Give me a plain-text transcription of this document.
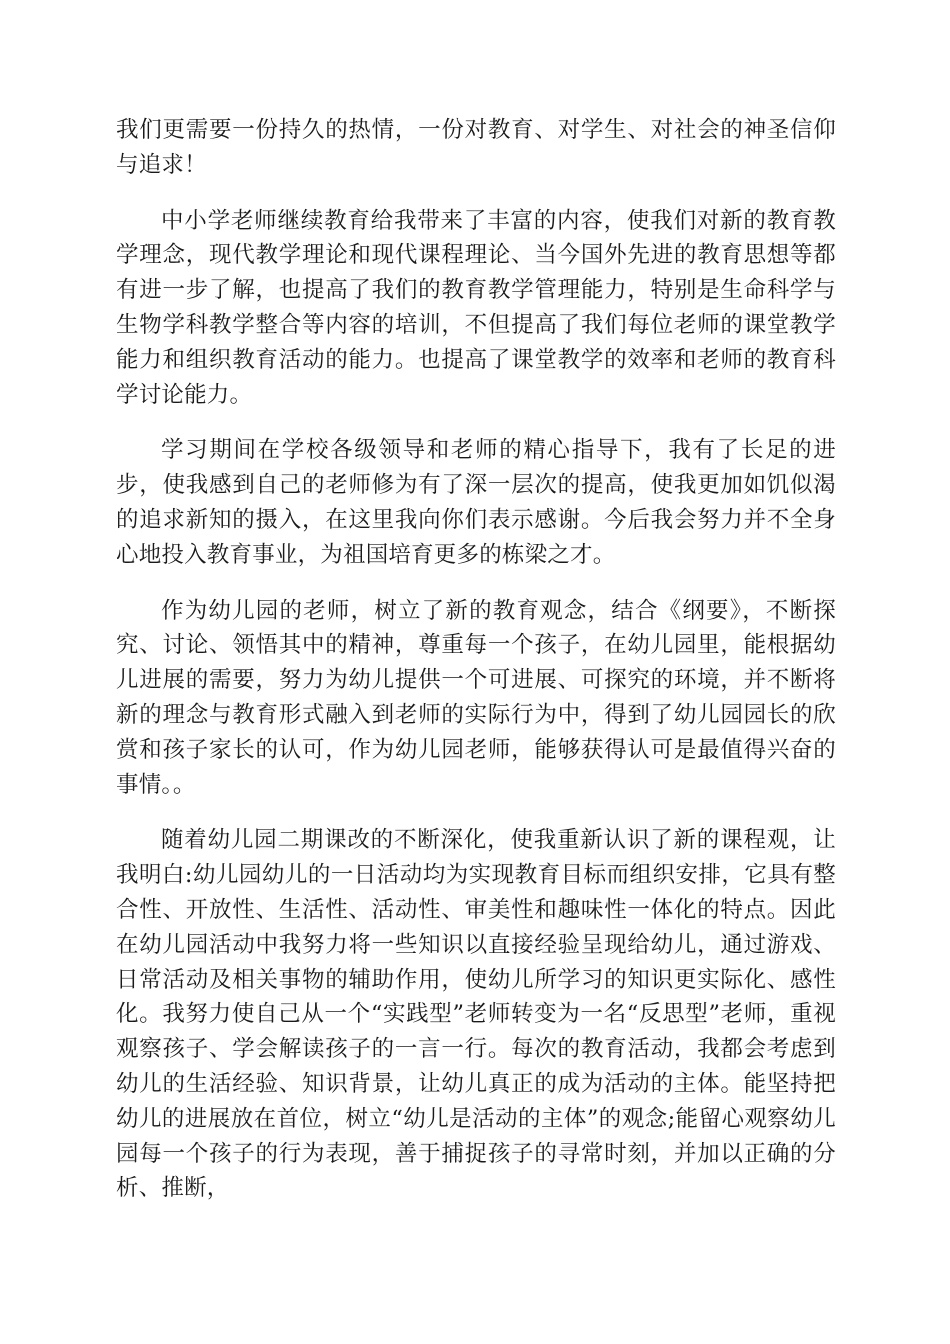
我们更需要一份持久的热情，一份对教育、对学生、对社会的神圣信仰与追求！

中小学老师继续教育给我带来了丰富的内容，使我们对新的教育教学理念，现代教学理论和现代课程理论、当今国外先进的教育思想等都有进一步了解，也提高了我们的教育教学管理能力，特别是生命科学与生物学科教学整合等内容的培训，不但提高了我们每位老师的课堂教学能力和组织教育活动的能力。也提高了课堂教学的效率和老师的教育科学讨论能力。

学习期间在学校各级领导和老师的精心指导下，我有了长足的进步，使我感到自己的老师修为有了深一层次的提高，使我更加如饥似渴的追求新知的摄入，在这里我向你们表示感谢。今后我会努力并不全身心地投入教育事业，为祖国培育更多的栋梁之才。

作为幼儿园的老师，树立了新的教育观念，结合《纲要》，不断探究、讨论、领悟其中的精神，尊重每一个孩子，在幼儿园里，能根据幼儿进展的需要，努力为幼儿提供一个可进展、可探究的环境，并不断将新的理念与教育形式融入到老师的实际行为中，得到了幼儿园园长的欣赏和孩子家长的认可，作为幼儿园老师，能够获得认可是最值得兴奋的事情。。

随着幼儿园二期课改的不断深化，使我重新认识了新的课程观，让我明白:幼儿园幼儿的一日活动均为实现教育目标而组织安排，它具有整合性、开放性、生活性、活动性、审美性和趣味性一体化的特点。因此在幼儿园活动中我努力将一些知识以直接经验呈现给幼儿，通过游戏、日常活动及相关事物的辅助作用，使幼儿所学习的知识更实际化、感性化。我努力使自己从一个“实践型”老师转变为一名“反思型”老师，重视观察孩子、学会解读孩子的一言一行。每次的教育活动，我都会考虑到幼儿的生活经验、知识背景，让幼儿真正的成为活动的主体。能坚持把幼儿的进展放在首位，树立“幼儿是活动的主体”的观念;能留心观察幼儿园每一个孩子的行为表现，善于捕捉孩子的寻常时刻，并加以正确的分析、推断，
